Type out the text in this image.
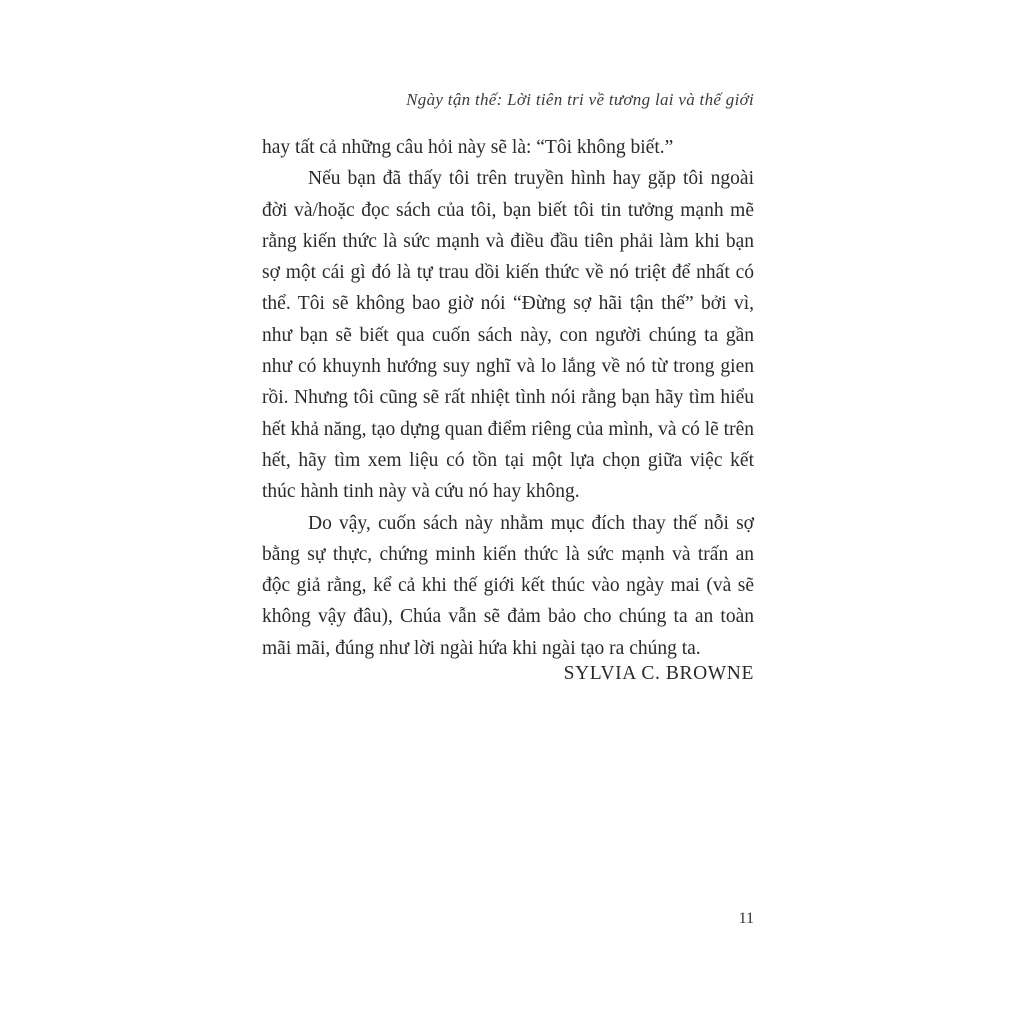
Ngày tận thế: Lời tiên tri về tương lai và thế giới

hay tất cả những câu hỏi này sẽ là: “Tôi không biết.”

Nếu bạn đã thấy tôi trên truyền hình hay gặp tôi ngoài đời và/hoặc đọc sách của tôi, bạn biết tôi tin tưởng mạnh mẽ rằng kiến thức là sức mạnh và điều đầu tiên phải làm khi bạn sợ một cái gì đó là tự trau dồi kiến thức về nó triệt để nhất có thể. Tôi sẽ không bao giờ nói “Đừng sợ hãi tận thế” bởi vì, như bạn sẽ biết qua cuốn sách này, con người chúng ta gần như có khuynh hướng suy nghĩ và lo lắng về nó từ trong gien rồi. Nhưng tôi cũng sẽ rất nhiệt tình nói rằng bạn hãy tìm hiểu hết khả năng, tạo dựng quan điểm riêng của mình, và có lẽ trên hết, hãy tìm xem liệu có tồn tại một lựa chọn giữa việc kết thúc hành tinh này và cứu nó hay không.

Do vậy, cuốn sách này nhằm mục đích thay thế nỗi sợ bằng sự thực, chứng minh kiến thức là sức mạnh và trấn an độc giả rằng, kể cả khi thế giới kết thúc vào ngày mai (và sẽ không vậy đâu), Chúa vẫn sẽ đảm bảo cho chúng ta an toàn mãi mãi, đúng như lời ngài hứa khi ngài tạo ra chúng ta.

SYLVIA C. BROWNE
11
